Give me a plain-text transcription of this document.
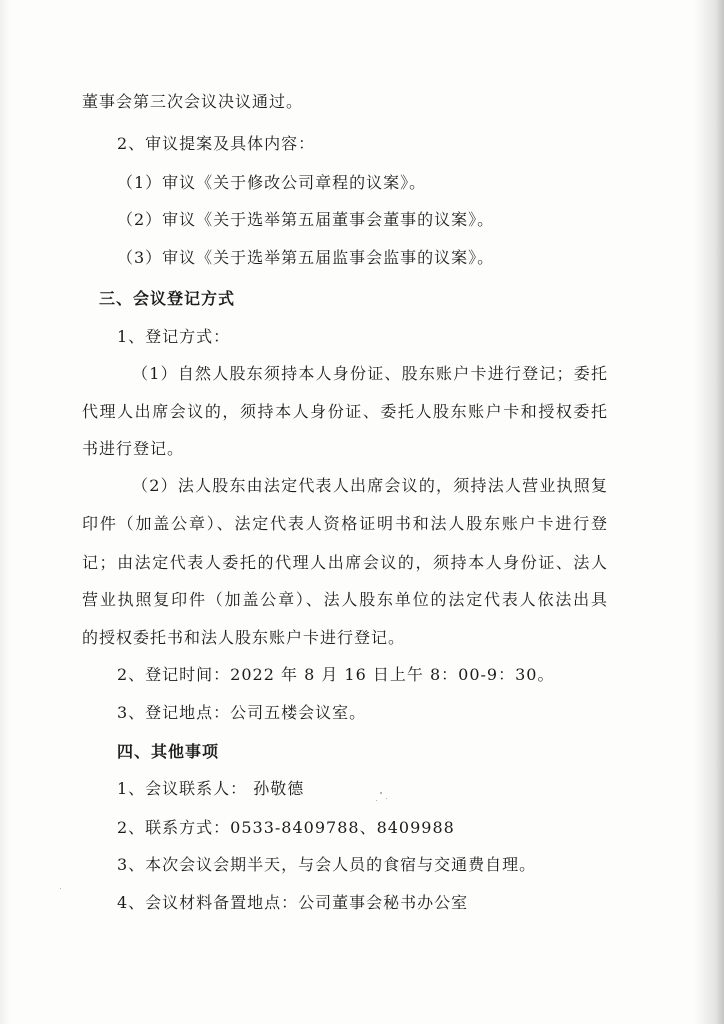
董事会第三次会议决议通过。
2、审议提案及具体内容：
（1）审议《关于修改公司章程的议案》。
（2）审议《关于选举第五届董事会董事的议案》。
（3）审议《关于选举第五届监事会监事的议案》。
三、会议登记方式
1、登记方式：
（1）自然人股东须持本人身份证、股东账户卡进行登记；委托
代理人出席会议的，须持本人身份证、委托人股东账户卡和授权委托
书进行登记。
（2）法人股东由法定代表人出席会议的，须持法人营业执照复
印件（加盖公章）、法定代表人资格证明书和法人股东账户卡进行登
记；由法定代表人委托的代理人出席会议的，须持本人身份证、法人
营业执照复印件（加盖公章）、法人股东单位的法定代表人依法出具
的授权委托书和法人股东账户卡进行登记。
2、登记时间：2022 年 8 月 16 日上午 8：00-9：30。
3、登记地点：公司五楼会议室。
四、其他事项
1、会议联系人： 孙敬德
2、联系方式：0533-8409788、8409988
3、本次会议会期半天，与会人员的食宿与交通费自理。
4、会议材料备置地点：公司董事会秘书办公室
